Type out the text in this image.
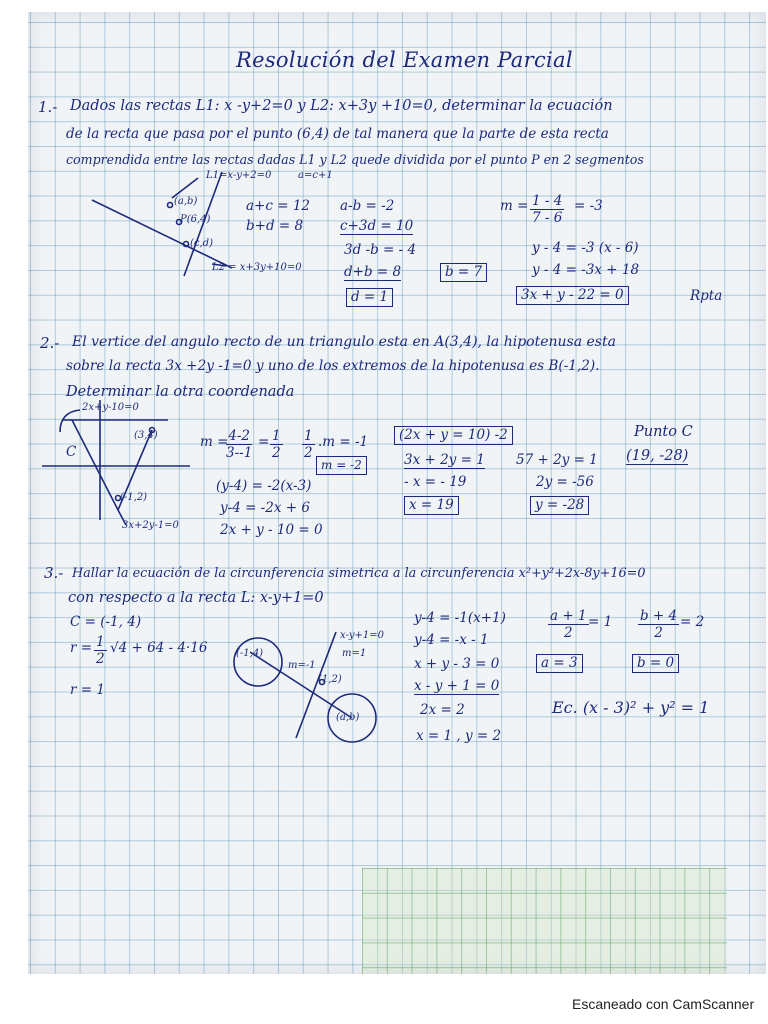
Resolución del Examen Parcial
1.- Dados las rectas L1: x -y+2=0 y L2: x+3y +10=0, determinar la ecuación
de la recta que pasa por el punto (6,4) de tal manera que la parte de esta recta
comprendida entre las rectas dadas L1 y L2 quede dividida por el punto P en 2 segmentos
L1=x-y+2=0	a=c+1
(a,b)
P(6,4)
(c,d)
L2 = x+3y+10=0
a+c = 12
b+d = 8
a-b = -2
c+3d = 10
3d -b = - 4
d+b = 8	b = 7
d = 1
$m = \frac{1 - 4}{7 - 6} = -3$
y - 4 = -3 (x - 6)
y - 4 = -3x + 18
3x + y - 22 = 0	Rpta
2.- El vertice del angulo recto de un triangulo esta en A(3,4), la hipotenusa esta
sobre la recta 3x +2y -1=0 y uno de los extremos de la hipotenusa es B(-1,2).
Determinar la otra coordenada
2x+y-10=0
(3,4)
C
(-1,2)
3x+2y-1=0
m =
$\frac{4-2}{3--1} = \frac{1}{2} \frac{1}{2} .m = -1$
m = -2
(y-4) = -2(x-3)
y-4 = -2x + 6
2x + y - 10 = 0
(2x + y = 10) -2
3x + 2y = 1
- x = - 19
x = 19
57 + 2y = 1
2y = -56
y = -28
Punto C
(19, -28)
3.- Hallar la ecuación de la circunferencia simetrica a la circunferencia x²+y²+2x-8y+16=0
con respecto a la recta L: x-y+1=0
C = (-1, 4)
$r = \frac{1}{2} √4 + 64 - 4\cdot 16$
r = 1
(-1,4)
x-y+1=0
m=1
m=-1
(1,2)
(a,b)
y-4 = -1(x+1)
y-4 = -x - 1
x + y - 3 = 0
x - y + 1 = 0
2x = 2
x = 1 , y = 2
$\frac{a + 1}{2} = 1 \frac{b + 4}{2} = 2$
a = 3	b = 0
Ec. (x - 3)² + y² = 1
Escaneado con CamScanner
